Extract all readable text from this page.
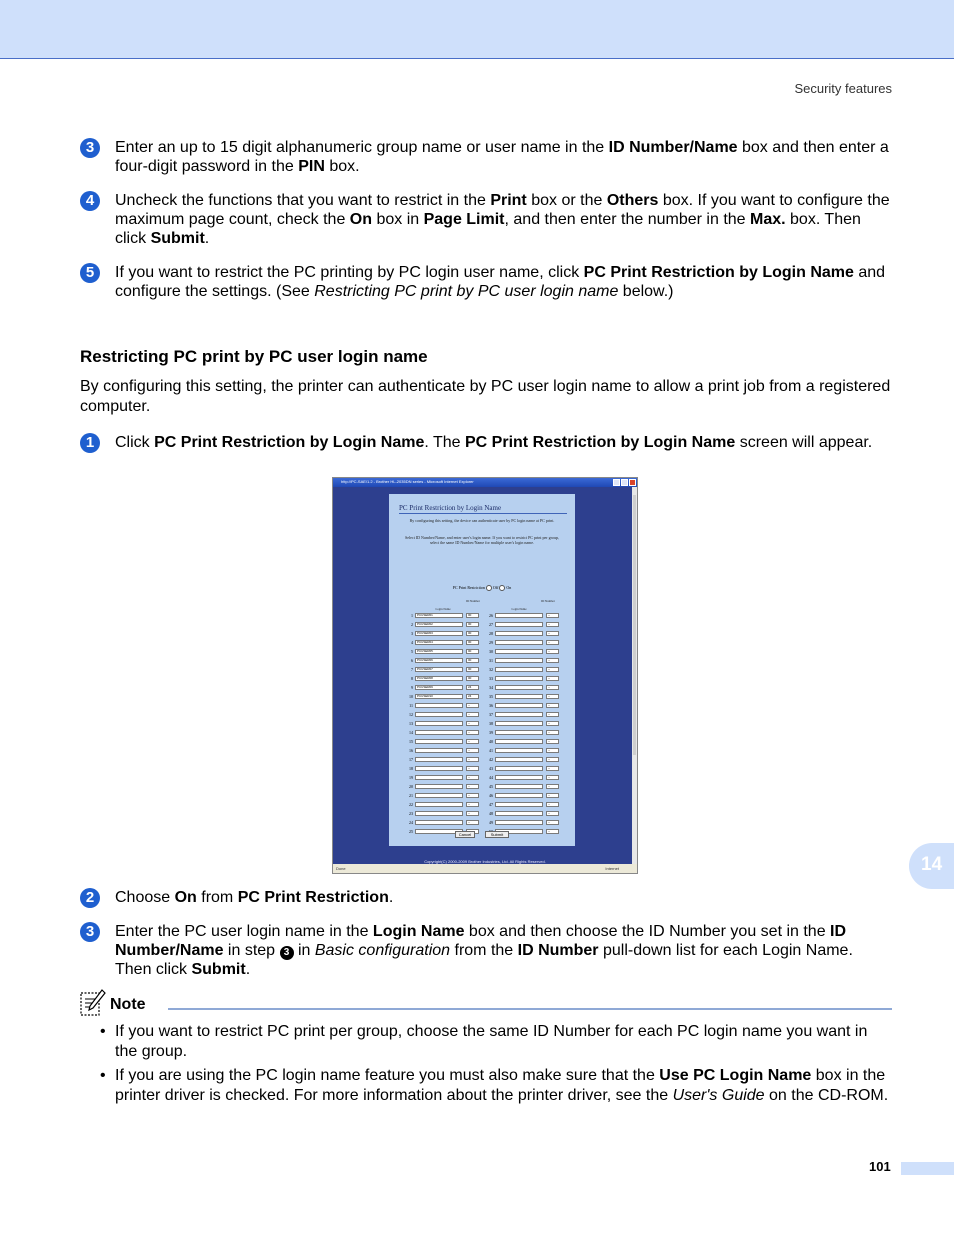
Security features
3	Enter an up to 15 digit alphanumeric group name or user name in the ID Number/Name box and then enter a four-digit password in the PIN box.
4	Uncheck the functions that you want to restrict in the Print box or the Others box. If you want to configure the maximum page count, check the On box in Page Limit, and then enter the number in the Max. box. Then click Submit.
5	If you want to restrict the PC printing by PC login user name, click PC Print Restriction by Login Name and configure the settings. (See Restricting PC print by PC user login name below.)
Restricting PC print by PC user login name
By configuring this setting, the printer can authenticate by PC user login name to allow a print job from a registered computer.
1	Click PC Print Restriction by Login Name. The PC Print Restriction by Login Name screen will appear.
http://PC-SAE/1.2 - Brother HL-2035DN series - Microsoft Internet Explorer
PC Print Restriction by Login Name
By configuring this setting, the device can authenticate user by PC login name at PC print.
Select ID Number/Name, and enter user's login name. If you want to restrict PC print per group, select the same ID Number/Name for multiple user's login name.
PC Print Restriction Off On
Login Name
ID Number
Login Name
ID Number
1	PCUSER01	00	26	--
2	PCUSER02	00	27	--
3	PCUSER03	00	28	--
4	PCUSER04	00	29	--
5	PCUSER05	00	30	--
6	PCUSER06	00	31	--
7	PCUSER07	00	32	--
8	PCUSER08	00	33	--
9	PCUSER09	24	34	--
10	PCUSER10	24	35	--
11	--	36	--
12	--	37	--
13	--	38	--
14	--	39	--
15	--	40	--
16	--	41	--
17	--	42	--
18	--	43	--
19	--	44	--
20	--	45	--
21	--	46	--
22	--	47	--
23	--	48	--
24	--	49	--
25	--
Cancel	Submit
Copyright(C) 2000-2009 Brother Industries, Ltd. All Rights Reserved.
Done	Internet	14
2	Choose On from PC Print Restriction.
3	Enter the PC user login name in the Login Name box and then choose the ID Number you set in the ID Number/Name in step 3 in Basic configuration from the ID Number pull-down list for each Login Name. Then click Submit.
Note
• If you want to restrict PC print per group, choose the same ID Number for each PC login name you want in the group.
• If you are using the PC login name feature you must also make sure that the Use PC Login Name box in the printer driver is checked. For more information about the printer driver, see the User's Guide on the CD-ROM.
101
